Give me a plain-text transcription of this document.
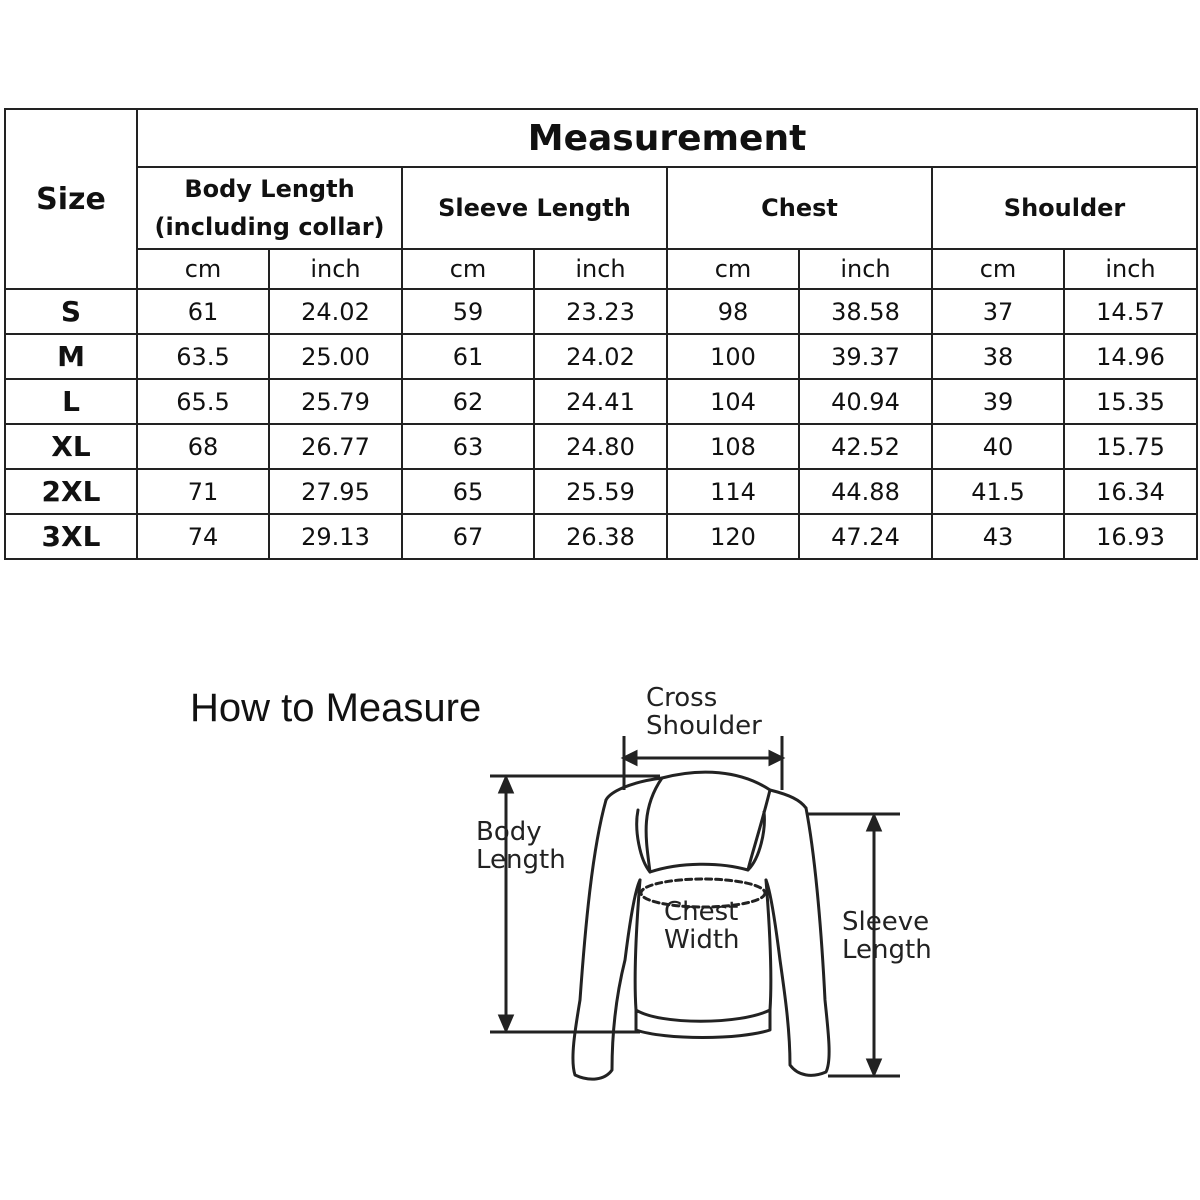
Size	Measurement							

	Body Length
(including collar)		Sleeve Length		Chest		Shoulder	
	cm	inch	cm	inch	cm	inch	cm	inch
S	61	24.02	59	23.23	98	38.58	37	14.57
M	63.5	25.00	61	24.02	100	39.37	38	14.96
L	65.5	25.79	62	24.41	104	40.94	39	15.35
XL	68	26.77	63	24.80	108	42.52	40	15.75
2XL	71	27.95	65	25.59	114	44.88	41.5	16.34
3XL	74	29.13	67	26.38	120	47.24	43	16.93
How to Measure	Cross
Shoulder
Body
Length
Chest
Width
Sleeve
Length
